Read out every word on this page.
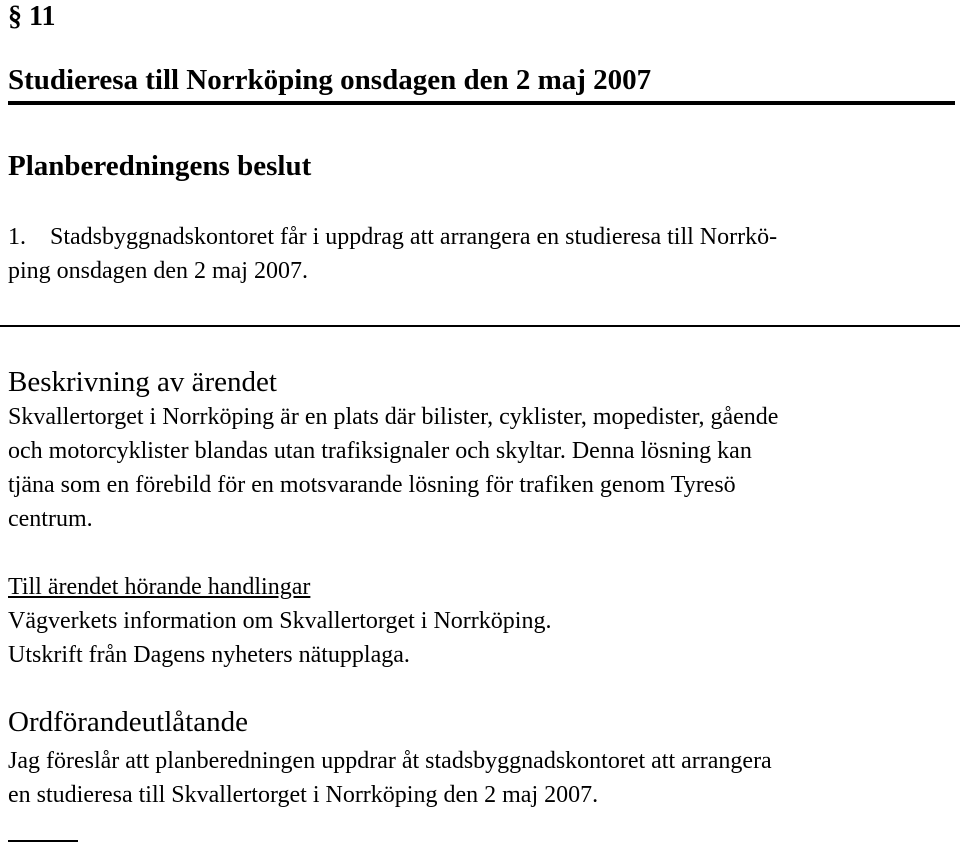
§ 11
Studieresa till Norrköping onsdagen den 2 maj 2007
Planberedningens beslut
1. Stadsbyggnadskontoret får i uppdrag att arrangera en studieresa till Norrkö-
ping onsdagen den 2 maj 2007.
Beskrivning av ärendet
Skvallertorget i Norrköping är en plats där bilister, cyklister, mopedister, gående
och motorcyklister blandas utan trafiksignaler och skyltar. Denna lösning kan
tjäna som en förebild för en motsvarande lösning för trafiken genom Tyresö
centrum.
Till ärendet hörande handlingar
Vägverkets information om Skvallertorget i Norrköping.
Utskrift från Dagens nyheters nätupplaga.
Ordförandeutlåtande
Jag föreslår att planberedningen uppdrar åt stadsbyggnadskontoret att arrangera
en studieresa till Skvallertorget i Norrköping den 2 maj 2007.
